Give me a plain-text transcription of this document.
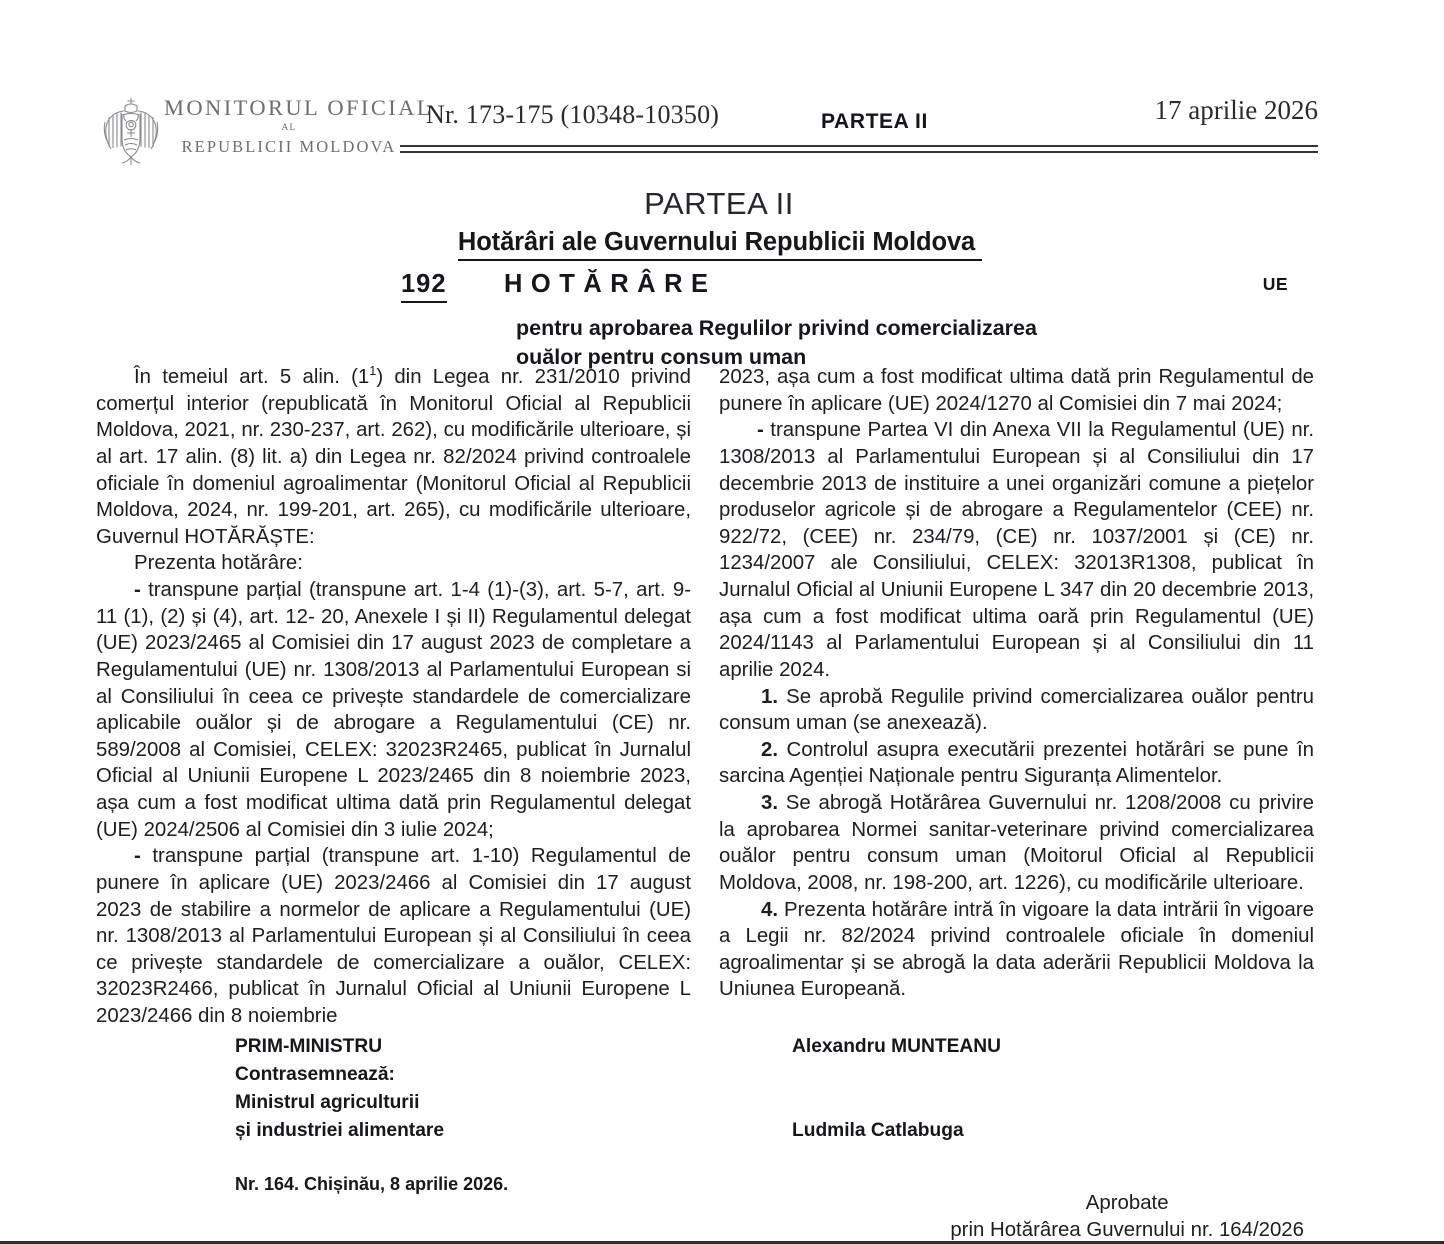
MONITORUL OFICIAL
AL
REPUBLICII MOLDOVA
Nr. 173-175 (10348-10350)	PARTEA II	17 aprilie 2026
PARTEA II
Hotărâri ale Guvernului Republicii Moldova
192 HOTĂRÂRE	UE
pentru aprobarea Regulilor privind comercializarea
ouălor pentru consum uman

În temeiul art. 5 alin. $(1^1)$ din Legea nr. 231/2010 privind comerțul interior (republicată în Monitorul Oficial al Republicii Moldova, 2021, nr. 230-237, art. 262), cu modificările ulterioare, și al art. 17 alin. (8) lit. a) din Legea nr. 82/2024 privind controalele oficiale în domeniul agroalimentar (Monitorul Oficial al Republicii Moldova, 2024, nr. 199-201, art. 265), cu modificările ulterioare, Guvernul HOTĂRĂȘTE:

Prezenta hotărâre:

- transpune parțial (transpune art. 1-4 (1)-(3), art. 5-7, art. 9-11 (1), (2) și (4), art. 12- 20, Anexele I și II) Regulamentul delegat (UE) 2023/2465 al Comisiei din 17 august 2023 de completare a Regulamentului (UE) nr. 1308/2013 al Parlamentului European si al Consiliului în ceea ce privește standardele de comercializare aplicabile ouălor și de abrogare a Regulamentului (CE) nr. 589/2008 al Comisiei, CELEX: 32023R2465, publicat în Jurnalul Oficial al Uniunii Europene L 2023/2465 din 8 noiembrie 2023, așa cum a fost modificat ultima dată prin Regulamentul delegat (UE) 2024/2506 al Comisiei din 3 iulie 2024;

- transpune parțial (transpune art. 1-10) Regulamentul de punere în aplicare (UE) 2023/2466 al Comisiei din 17 august 2023 de stabilire a normelor de aplicare a Regulamentului (UE) nr. 1308/2013 al Parlamentului European și al Consiliului în ceea ce privește standardele de comercializare a ouălor, CELEX: 32023R2466, publicat în Jurnalul Oficial al Uniunii Europene L 2023/2466 din 8 noiembrie

2023, așa cum a fost modificat ultima dată prin Regulamentul de punere în aplicare (UE) 2024/1270 al Comisiei din 7 mai 2024;

- transpune Partea VI din Anexa VII la Regulamentul (UE) nr. 1308/2013 al Parlamentului European și al Consiliului din 17 decembrie 2013 de instituire a unei organizări comune a piețelor produselor agricole și de abrogare a Regulamentelor (CEE) nr. 922/72, (CEE) nr. 234/79, (CE) nr. 1037/2001 și (CE) nr. 1234/2007 ale Consiliului, CELEX: 32013R1308, publicat în Jurnalul Oficial al Uniunii Europene L 347 din 20 decembrie 2013, așa cum a fost modificat ultima oară prin Regulamentul (UE) 2024/1143 al Parlamentului European și al Consiliului din 11 aprilie 2024.

1. Se aprobă Regulile privind comercializarea ouălor pentru consum uman (se anexează).

2. Controlul asupra executării prezentei hotărâri se pune în sarcina Agenției Naționale pentru Siguranța Alimentelor.

3. Se abrogă Hotărârea Guvernului nr. 1208/2008 cu privire la aprobarea Normei sanitar-veterinare privind comercializarea ouălor pentru consum uman (Moitorul Oficial al Republicii Moldova, 2008, nr. 198-200, art. 1226), cu modificările ulterioare.

4. Prezenta hotărâre intră în vigoare la data intrării în vigoare a Legii nr. 82/2024 privind controalele oficiale în domeniul agroalimentar și se abrogă la data aderării Republicii Moldova la Uniunea Europeană.

PRIM-MINISTRU	Alexandru MUNTEANU
Contrasemnează:
Ministrul agriculturii
și industriei alimentare	Ludmila Catlabuga
Nr. 164. Chișinău, 8 aprilie 2026.
Aprobate
prin Hotărârea Guvernului nr. 164/2026
